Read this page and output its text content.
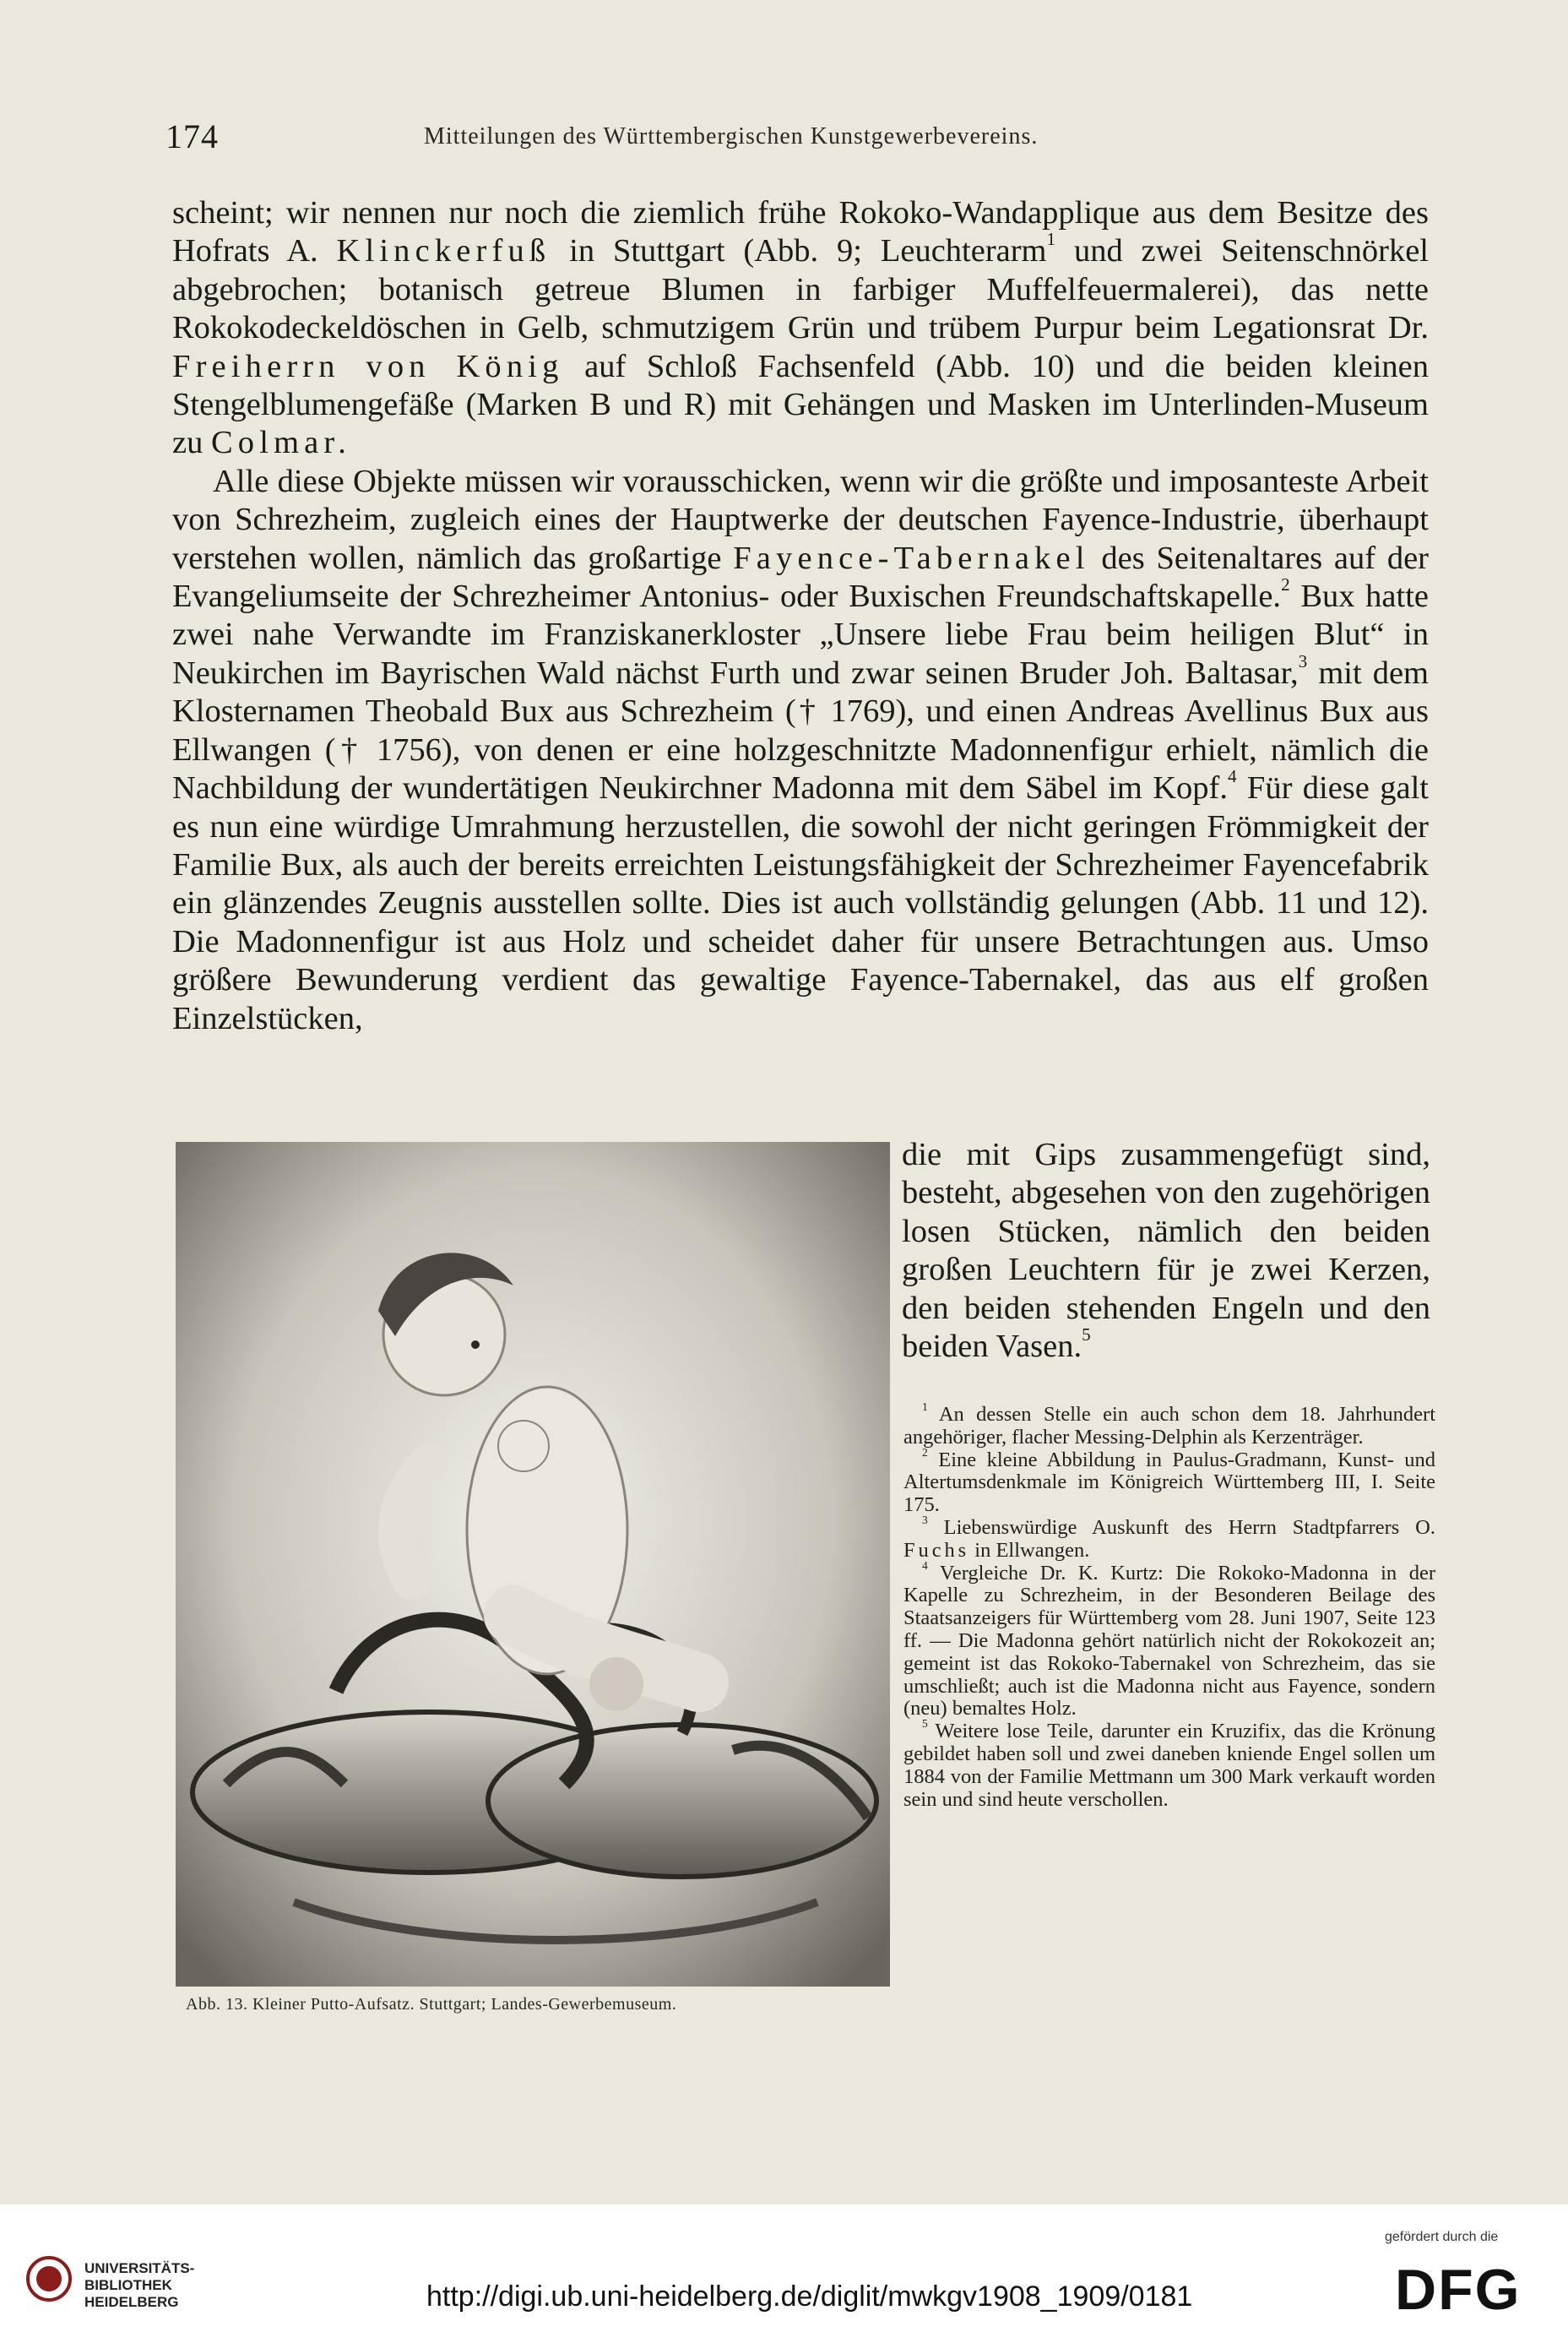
174	Mitteilungen des Württembergischen Kunstgewerbevereins.

scheint; wir nennen nur noch die ziemlich frühe Rokoko-Wandapplique aus dem Besitze des Hofrats A. Klinckerfuß in Stuttgart (Abb. 9; Leuchterarm$^1$ und zwei Seitenschnörkel abgebrochen; botanisch getreue Blumen in farbiger Muffelfeuermalerei), das nette Rokokodeckeldöschen in Gelb, schmutzigem Grün und trübem Purpur beim Legationsrat Dr. Freiherrn von König auf Schloß Fachsenfeld (Abb. 10) und die beiden kleinen Stengelblumengefäße (Marken B und R) mit Gehängen und Masken im Unterlinden-Museum zu Colmar.

Alle diese Objekte müssen wir vorausschicken, wenn wir die größte und imposanteste Arbeit von Schrezheim, zugleich eines der Hauptwerke der deutschen Fayence-Industrie, überhaupt verstehen wollen, nämlich das großartige Fayence-Tabernakel des Seitenaltares auf der Evangeliumseite der Schrezheimer Antonius- oder Buxischen Freundschaftskapelle.$^2$ Bux hatte zwei nahe Verwandte im Franziskanerkloster „Unsere liebe Frau beim heiligen Blut“ in Neukirchen im Bayrischen Wald nächst Furth und zwar seinen Bruder Joh. Baltasar,$^3$ mit dem Klosternamen Theobald Bux aus Schrezheim († 1769), und einen Andreas Avellinus Bux aus Ellwangen († 1756), von denen er eine holzgeschnitzte Madonnenfigur erhielt, nämlich die Nachbildung der wundertätigen Neukirchner Madonna mit dem Säbel im Kopf.$^4$ Für diese galt es nun eine würdige Umrahmung herzustellen, die sowohl der nicht geringen Frömmigkeit der Familie Bux, als auch der bereits erreichten Leistungsfähigkeit der Schrezheimer Fayencefabrik ein glänzendes Zeugnis ausstellen sollte. Dies ist auch vollständig gelungen (Abb. 11 und 12). Die Madonnenfigur ist aus Holz und scheidet daher für unsere Betrachtungen aus. Umso größere Bewunderung verdient das gewaltige Fayence-Tabernakel, das aus elf großen Einzelstücken,

die mit Gips zusammengefügt sind, besteht, abgesehen von den zugehörigen losen Stücken, nämlich den beiden großen Leuchtern für je zwei Kerzen, den beiden stehenden Engeln und den beiden Vasen.$^5$

Abb. 13. Kleiner Putto-Aufsatz. Stuttgart; Landes-Gewerbemuseum.

$^1$ An dessen Stelle ein auch schon dem 18. Jahrhundert angehöriger, flacher Messing-Delphin als Kerzenträger.

$^2$ Eine kleine Abbildung in Paulus-Gradmann, Kunst- und Altertumsdenkmale im Königreich Württemberg III, I. Seite 175.

$^3$ Liebenswürdige Auskunft des Herrn Stadtpfarrers O. Fuchs in Ellwangen.

$^4$ Vergleiche Dr. K. Kurtz: Die Rokoko-Madonna in der Kapelle zu Schrezheim, in der Besonderen Beilage des Staatsanzeigers für Württemberg vom 28. Juni 1907, Seite 123 ff. — Die Madonna gehört natürlich nicht der Rokokozeit an; gemeint ist das Rokoko-Tabernakel von Schrezheim, das sie umschließt; auch ist die Madonna nicht aus Fayence, sondern (neu) bemaltes Holz.

$^5$ Weitere lose Teile, darunter ein Kruzifix, das die Krönung gebildet haben soll und zwei daneben kniende Engel sollen um 1884 von der Familie Mettmann um 300 Mark verkauft worden sein und sind heute verschollen.

UNIVERSITÄTS-
BIBLIOTHEK
HEIDELBERG	http://digi.ub.uni-heidelberg.de/diglit/mwkgv1908_1909/0181
gefördert durch die
DFG
